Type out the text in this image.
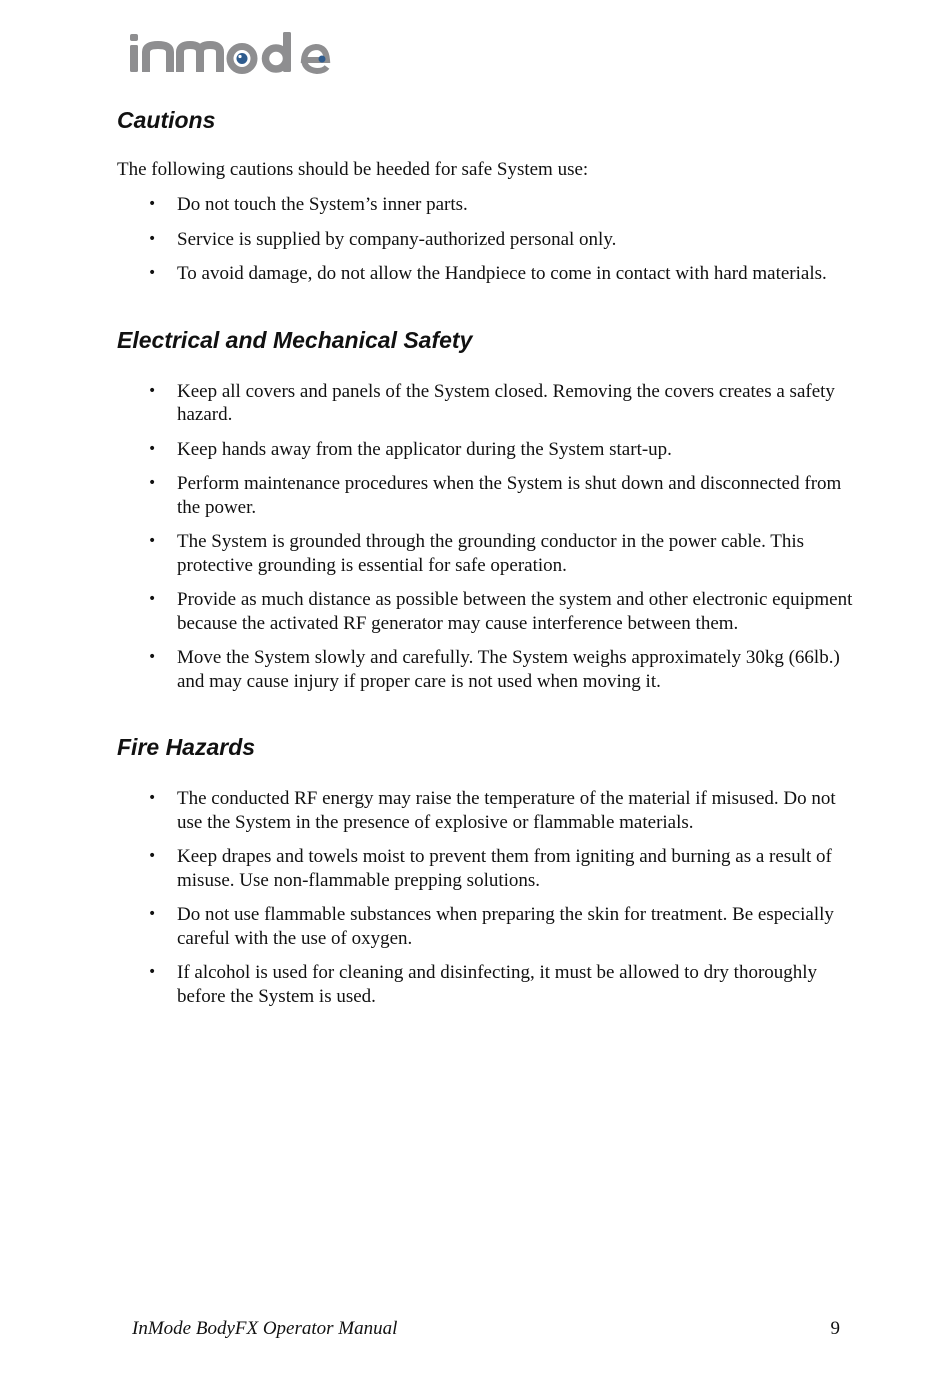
Cautions

The following cautions should be heeded for safe System use:

• Do not touch the System’s inner parts.
• Service is supplied by company-authorized personal only.
• To avoid damage, do not allow the Handpiece to come in contact with hard materials.
Electrical and Mechanical Safety
• Keep all covers and panels of the System closed. Removing the covers creates a safety hazard.
• Keep hands away from the applicator during the System start-up.
• Perform maintenance procedures when the System is shut down and disconnected from the power.
• The System is grounded through the grounding conductor in the power cable. This protective grounding is essential for safe operation.
• Provide as much distance as possible between the system and other electronic equipment because the activated RF generator may cause interference between them.
• Move the System slowly and carefully. The System weighs approximately 30kg (66lb.) and may cause injury if proper care is not used when moving it.
Fire Hazards
• The conducted RF energy may raise the temperature of the material if misused. Do not use the System in the presence of explosive or flammable materials.
• Keep drapes and towels moist to prevent them from igniting and burning as a result of misuse. Use non-flammable prepping solutions.
• Do not use flammable substances when preparing the skin for treatment. Be especially careful with the use of oxygen.
• If alcohol is used for cleaning and disinfecting, it must be allowed to dry thoroughly before the System is used.
InMode BodyFX Operator Manual	9
